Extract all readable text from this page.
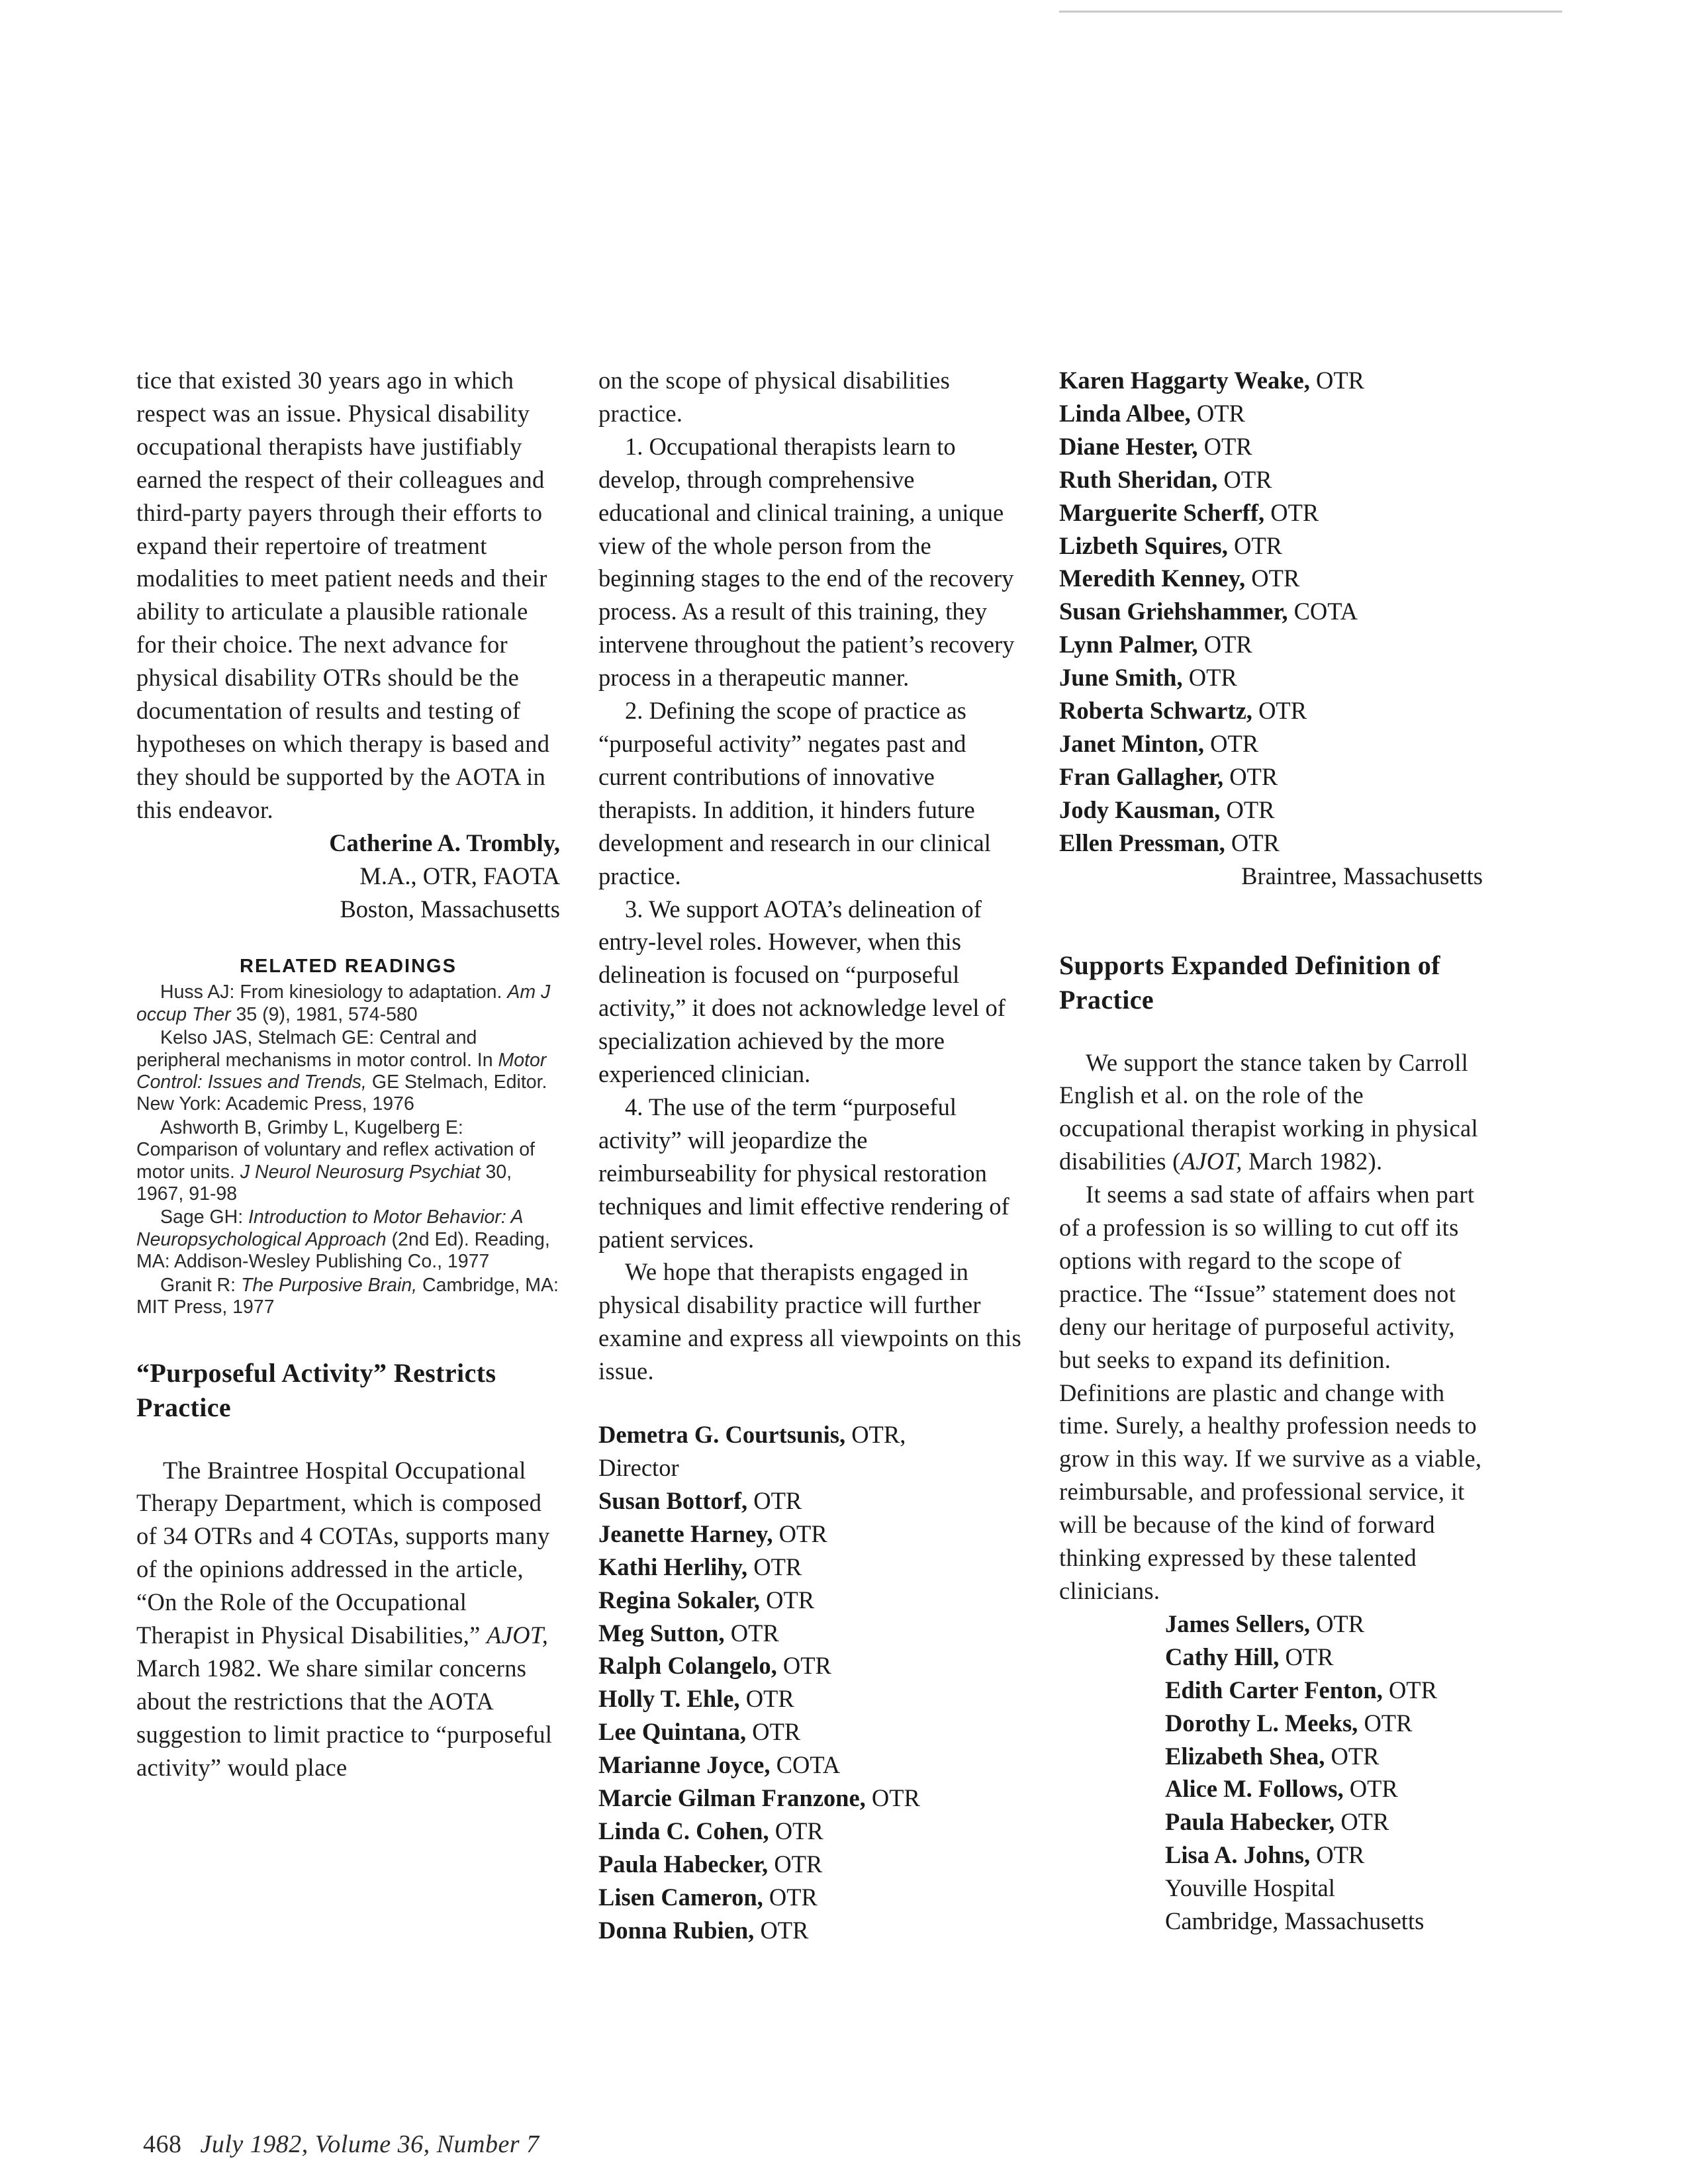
tice that existed 30 years ago in which respect was an issue. Physical disability occupational therapists have justifiably earned the respect of their colleagues and third-party payers through their efforts to expand their repertoire of treatment modalities to meet patient needs and their ability to articulate a plausible rationale for their choice. The next advance for physical disability OTRs should be the documentation of results and testing of hypotheses on which therapy is based and they should be supported by the AOTA in this endeavor.

Catherine A. Trombly,
M.A., OTR, FAOTA
Boston, Massachusetts
RELATED READINGS
Huss AJ: From kinesiology to adaptation. Am J occup Ther 35 (9), 1981, 574-580
Kelso JAS, Stelmach GE: Central and peripheral mechanisms in motor control. In Motor Control: Issues and Trends, GE Stelmach, Editor. New York: Academic Press, 1976
Ashworth B, Grimby L, Kugelberg E: Comparison of voluntary and reflex activation of motor units. J Neurol Neurosurg Psychiat 30, 1967, 91-98
Sage GH: Introduction to Motor Behavior: A Neuropsychological Approach (2nd Ed). Reading, MA: Addison-Wesley Publishing Co., 1977
Granit R: The Purposive Brain, Cambridge, MA: MIT Press, 1977
“Purposeful Activity” Restricts Practice

The Braintree Hospital Occupational Therapy Department, which is composed of 34 OTRs and 4 COTAs, supports many of the opinions addressed in the article, “On the Role of the Occupational Therapist in Physical Disabilities,” AJOT, March 1982. We share similar concerns about the restrictions that the AOTA suggestion to limit practice to “purposeful activity” would place

on the scope of physical disabilities practice.

1. Occupational therapists learn to develop, through comprehensive educational and clinical training, a unique view of the whole person from the beginning stages to the end of the recovery process. As a result of this training, they intervene throughout the patient’s recovery process in a therapeutic manner.

2. Defining the scope of practice as “purposeful activity” negates past and current contributions of innovative therapists. In addition, it hinders future development and research in our clinical practice.

3. We support AOTA’s delineation of entry-level roles. However, when this delineation is focused on “purposeful activity,” it does not acknowledge level of specialization achieved by the more experienced clinician.

4. The use of the term “purposeful activity” will jeopardize the reimburseability for physical restoration techniques and limit effective rendering of patient services.

We hope that therapists engaged in physical disability practice will further examine and express all viewpoints on this issue.

Demetra G. Courtsunis, OTR,
Director
Susan Bottorf, OTR
Jeanette Harney, OTR
Kathi Herlihy, OTR
Regina Sokaler, OTR
Meg Sutton, OTR
Ralph Colangelo, OTR
Holly T. Ehle, OTR
Lee Quintana, OTR
Marianne Joyce, COTA
Marcie Gilman Franzone, OTR
Linda C. Cohen, OTR
Paula Habecker, OTR
Lisen Cameron, OTR
Donna Rubien, OTR
Karen Haggarty Weake, OTR
Linda Albee, OTR
Diane Hester, OTR
Ruth Sheridan, OTR
Marguerite Scherff, OTR
Lizbeth Squires, OTR
Meredith Kenney, OTR
Susan Griehshammer, COTA
Lynn Palmer, OTR
June Smith, OTR
Roberta Schwartz, OTR
Janet Minton, OTR
Fran Gallagher, OTR
Jody Kausman, OTR
Ellen Pressman, OTR
Braintree, Massachusetts
Supports Expanded Definition of Practice

We support the stance taken by Carroll English et al. on the role of the occupational therapist working in physical disabilities (AJOT, March 1982).

It seems a sad state of affairs when part of a profession is so willing to cut off its options with regard to the scope of practice. The “Issue” statement does not deny our heritage of purposeful activity, but seeks to expand its definition. Definitions are plastic and change with time. Surely, a healthy profession needs to grow in this way. If we survive as a viable, reimbursable, and professional service, it will be because of the kind of forward thinking expressed by these talented clinicians.

James Sellers, OTR
Cathy Hill, OTR
Edith Carter Fenton, OTR
Dorothy L. Meeks, OTR
Elizabeth Shea, OTR
Alice M. Follows, OTR
Paula Habecker, OTR
Lisa A. Johns, OTR
Youville Hospital
Cambridge, Massachusetts
468 July 1982, Volume 36, Number 7
